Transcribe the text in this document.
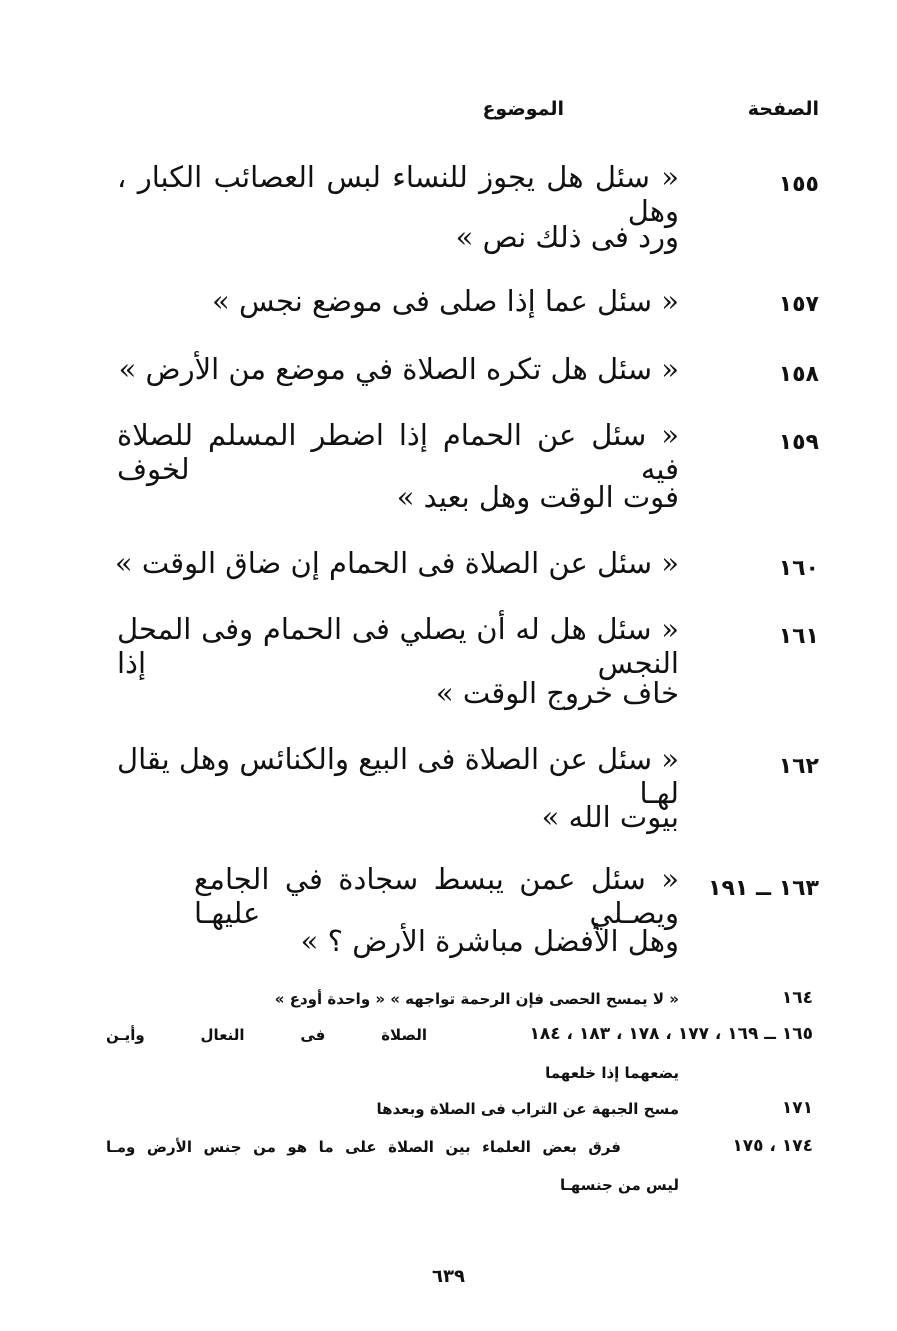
الصفحة
الموضوع
١٥٥
« سئل هل يجوز للنساء لبس العصائب الكبار ، وهل
ورد فى ذلك نص »
١٥٧
« سئل عما إذا صلى فى موضع نجس »
١٥٨
« سئل هل تكره الصلاة في موضع من الأرض »
١٥٩
« سئل عن الحمام إذا اضطر المسلم للصلاة فيه لخوف
فوت الوقت وهل بعيد »
١٦٠
« سئل عن الصلاة فى الحمام إن ضاق الوقت »
١٦١
« سئل هل له أن يصلي فى الحمام وفى المحل النجس إذا
خاف خروج الوقت »
١٦٢
« سئل عن الصلاة فى البيع والكنائس وهل يقال لهـا
بيوت الله »
١٦٣ ــ ١٩١
« سئل عمن يبسط سجادة في الجامع ويصـلي عليهـا
وهل الأفضل مباشرة الأرض ؟ »
١٦٤
« لا يمسح الحصى فإن الرحمة تواجهه » « واحدة أودع »
١٦٥ ــ ١٦٩ ، ١٧٧ ، ١٧٨ ، ١٨٣ ، ١٨٤
الصلاة فى النعال وأيـن
يضعهما إذا خلعهما
١٧١
مسح الجبهة عن التراب فى الصلاة وبعدها
١٧٤ ، ١٧٥
فرق بعض العلماء بين الصلاة على ما هو من جنس الأرض ومـا
ليس من جنسهـا
٦٣٩
